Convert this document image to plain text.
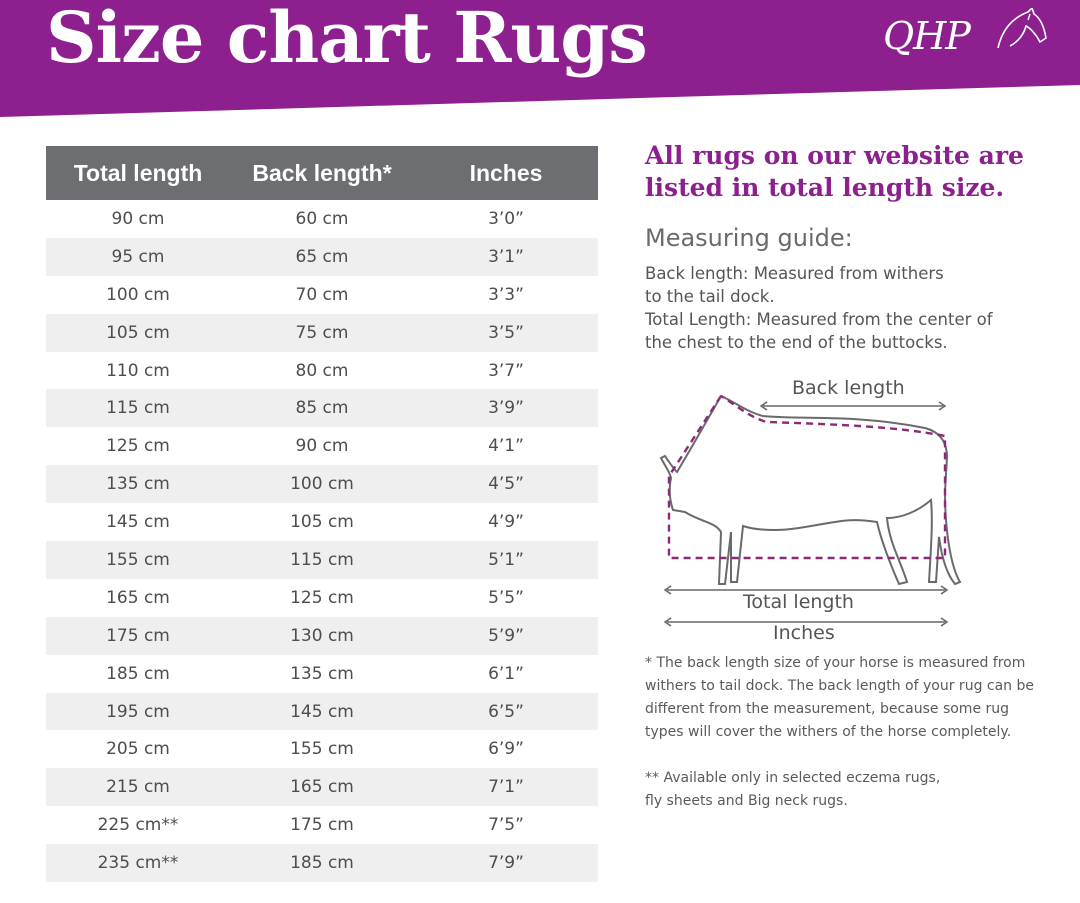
Size chart Rugs	QHP
Total length	Back length*	Inches
90 cm	60 cm	3’0”
95 cm	65 cm	3’1”
100 cm	70 cm	3’3”
105 cm	75 cm	3’5”
110 cm	80 cm	3’7”
115 cm	85 cm	3’9”
125 cm	90 cm	4’1”
135 cm	100 cm	4’5”
145 cm	105 cm	4’9”
155 cm	115 cm	5’1”
165 cm	125 cm	5’5”
175 cm	130 cm	5’9”
185 cm	135 cm	6’1”
195 cm	145 cm	6’5”
205 cm	155 cm	6’9”
215 cm	165 cm	7’1”
225 cm**	175 cm	7’5”
235 cm**	185 cm	7’9”
All rugs on our website are
listed in total length size.
Measuring guide:
Back length: Measured from withers
to the tail dock.
Total Length: Measured from the center of
the chest to the end of the buttocks.
Back length
Total length
Inches
* The back length size of your horse is measured from
withers to tail dock. The back length of your rug can be
different from the measurement, because some rug
types will cover the withers of the horse completely.
** Available only in selected eczema rugs,
fly sheets and Big neck rugs.
